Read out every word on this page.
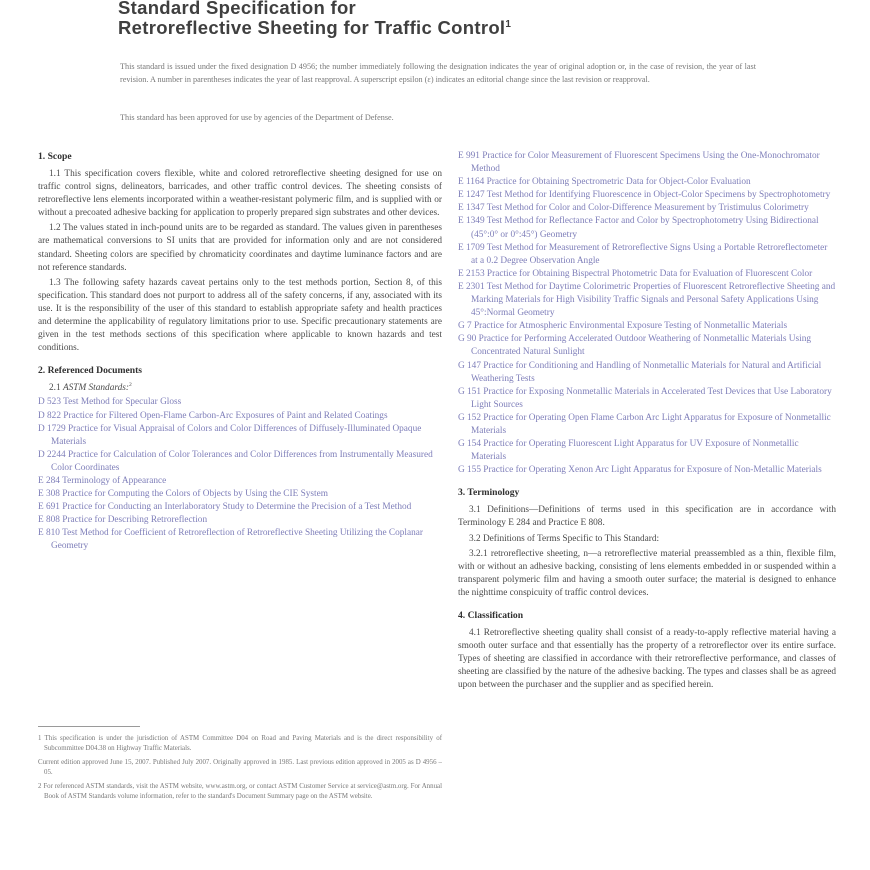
Standard Specification for
Retroreflective Sheeting for Traffic Control$^1$
This standard is issued under the fixed designation D 4956; the number immediately following the designation indicates the year of original adoption or, in the case of revision, the year of last revision. A number in parentheses indicates the year of last reapproval. A superscript epsilon (ε) indicates an editorial change since the last revision or reapproval.
This standard has been approved for use by agencies of the Department of Defense.
1. Scope

1.1 This specification covers flexible, white and colored retroreflective sheeting designed for use on traffic control signs, delineators, barricades, and other traffic control devices. The sheeting consists of retroreflective lens elements incorporated within a weather-resistant polymeric film, and is supplied with or without a precoated adhesive backing for application to properly prepared sign substrates and other devices.

1.2 The values stated in inch-pound units are to be regarded as standard. The values given in parentheses are mathematical conversions to SI units that are provided for information only and are not considered standard. Sheeting colors are specified by chromaticity coordinates and daytime luminance factors and are not reference standards.

1.3 The following safety hazards caveat pertains only to the test methods portion, Section 8, of this specification. This standard does not purport to address all of the safety concerns, if any, associated with its use. It is the responsibility of the user of this standard to establish appropriate safety and health practices and determine the applicability of regulatory limitations prior to use. Specific precautionary statements are given in the test methods sections of this specification where applicable to known hazards and test conditions.

2. Referenced Documents

2.1 ASTM Standards:$^2$

D 523 Test Method for Specular Gloss
D 822 Practice for Filtered Open-Flame Carbon-Arc Exposures of Paint and Related Coatings
D 1729 Practice for Visual Appraisal of Colors and Color Differences of Diffusely-Illuminated Opaque Materials
D 2244 Practice for Calculation of Color Tolerances and Color Differences from Instrumentally Measured Color Coordinates
E 284 Terminology of Appearance
E 308 Practice for Computing the Colors of Objects by Using the CIE System
E 691 Practice for Conducting an Interlaboratory Study to Determine the Precision of a Test Method
E 808 Practice for Describing Retroreflection
E 810 Test Method for Coefficient of Retroreflection of Retroreflective Sheeting Utilizing the Coplanar Geometry
E 991 Practice for Color Measurement of Fluorescent Specimens Using the One-Monochromator Method
E 1164 Practice for Obtaining Spectrometric Data for Object-Color Evaluation
E 1247 Test Method for Identifying Fluorescence in Object-Color Specimens by Spectrophotometry
E 1347 Test Method for Color and Color-Difference Measurement by Tristimulus Colorimetry
E 1349 Test Method for Reflectance Factor and Color by Spectrophotometry Using Bidirectional (45°:0° or 0°:45°) Geometry
E 1709 Test Method for Measurement of Retroreflective Signs Using a Portable Retroreflectometer at a 0.2 Degree Observation Angle
E 2153 Practice for Obtaining Bispectral Photometric Data for Evaluation of Fluorescent Color
E 2301 Test Method for Daytime Colorimetric Properties of Fluorescent Retroreflective Sheeting and Marking Materials for High Visibility Traffic Signals and Personal Safety Applications Using 45°:Normal Geometry
G 7 Practice for Atmospheric Environmental Exposure Testing of Nonmetallic Materials
G 90 Practice for Performing Accelerated Outdoor Weathering of Nonmetallic Materials Using Concentrated Natural Sunlight
G 147 Practice for Conditioning and Handling of Nonmetallic Materials for Natural and Artificial Weathering Tests
G 151 Practice for Exposing Nonmetallic Materials in Accelerated Test Devices that Use Laboratory Light Sources
G 152 Practice for Operating Open Flame Carbon Arc Light Apparatus for Exposure of Nonmetallic Materials
G 154 Practice for Operating Fluorescent Light Apparatus for UV Exposure of Nonmetallic Materials
G 155 Practice for Operating Xenon Arc Light Apparatus for Exposure of Non-Metallic Materials
3. Terminology

3.1 Definitions—Definitions of terms used in this specification are in accordance with Terminology E 284 and Practice E 808.

3.2 Definitions of Terms Specific to This Standard:

3.2.1 retroreflective sheeting, n—a retroreflective material preassembled as a thin, flexible film, with or without an adhesive backing, consisting of lens elements embedded in or suspended within a transparent polymeric film and having a smooth outer surface; the material is designed to enhance the nighttime conspicuity of traffic control devices.

4. Classification

4.1 Retroreflective sheeting quality shall consist of a ready-to-apply reflective material having a smooth outer surface and that essentially has the property of a retroreflector over its entire surface. Types of sheeting are classified in accordance with their retroreflective performance, and classes of sheeting are classified by the nature of the adhesive backing. The types and classes shall be as agreed upon between the purchaser and the supplier and as specified herein.

1 This specification is under the jurisdiction of ASTM Committee D04 on Road and Paving Materials and is the direct responsibility of Subcommittee D04.38 on Highway Traffic Materials.

Current edition approved June 15, 2007. Published July 2007. Originally approved in 1985. Last previous edition approved in 2005 as D 4956 – 05.

2 For referenced ASTM standards, visit the ASTM website, www.astm.org, or contact ASTM Customer Service at service@astm.org. For Annual Book of ASTM Standards volume information, refer to the standard's Document Summary page on the ASTM website.
